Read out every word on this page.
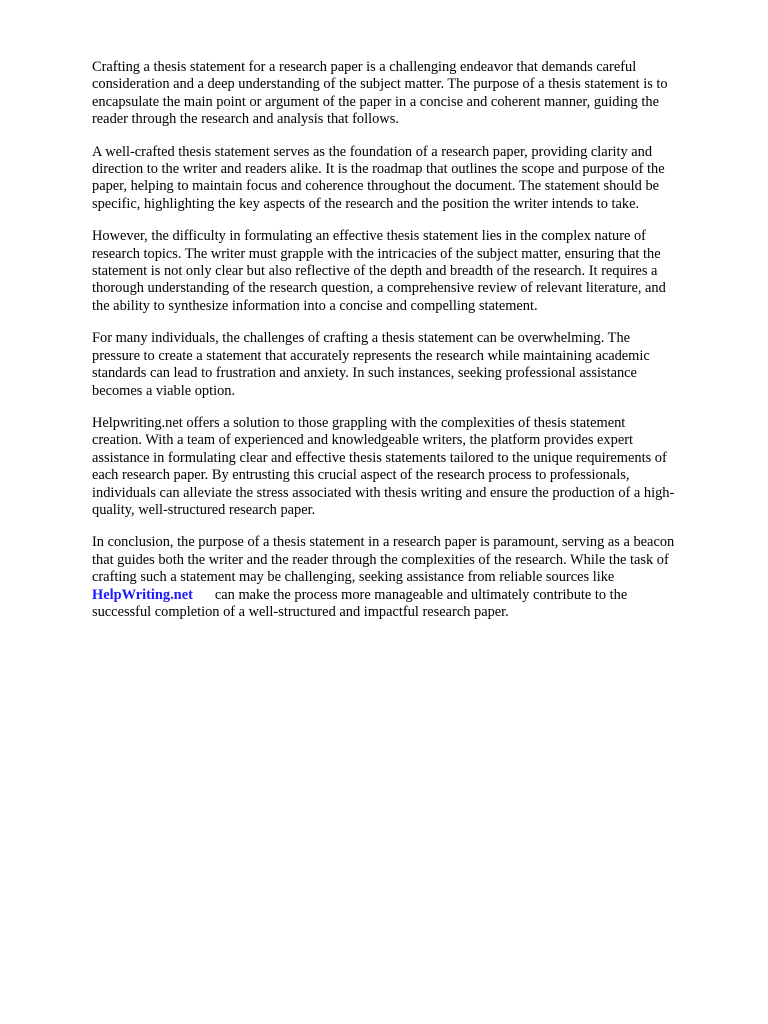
Crafting a thesis statement for a research paper is a challenging endeavor that demands careful
consideration and a deep understanding of the subject matter. The purpose of a thesis statement is to
encapsulate the main point or argument of the paper in a concise and coherent manner, guiding the
reader through the research and analysis that follows.

A well-crafted thesis statement serves as the foundation of a research paper, providing clarity and
direction to the writer and readers alike. It is the roadmap that outlines the scope and purpose of the
paper, helping to maintain focus and coherence throughout the document. The statement should be
specific, highlighting the key aspects of the research and the position the writer intends to take.

However, the difficulty in formulating an effective thesis statement lies in the complex nature of
research topics. The writer must grapple with the intricacies of the subject matter, ensuring that the
statement is not only clear but also reflective of the depth and breadth of the research. It requires a
thorough understanding of the research question, a comprehensive review of relevant literature, and
the ability to synthesize information into a concise and compelling statement.

For many individuals, the challenges of crafting a thesis statement can be overwhelming. The
pressure to create a statement that accurately represents the research while maintaining academic
standards can lead to frustration and anxiety. In such instances, seeking professional assistance
becomes a viable option.

Helpwriting.net offers a solution to those grappling with the complexities of thesis statement
creation. With a team of experienced and knowledgeable writers, the platform provides expert
assistance in formulating clear and effective thesis statements tailored to the unique requirements of
each research paper. By entrusting this crucial aspect of the research process to professionals,
individuals can alleviate the stress associated with thesis writing and ensure the production of a high-
quality, well-structured research paper.

In conclusion, the purpose of a thesis statement in a research paper is paramount, serving as a beacon
that guides both the writer and the reader through the complexities of the research. While the task of
crafting such a statement may be challenging, seeking assistance from reliable sources like
HelpWriting.net can make the process more manageable and ultimately contribute to the
successful completion of a well-structured and impactful research paper.
